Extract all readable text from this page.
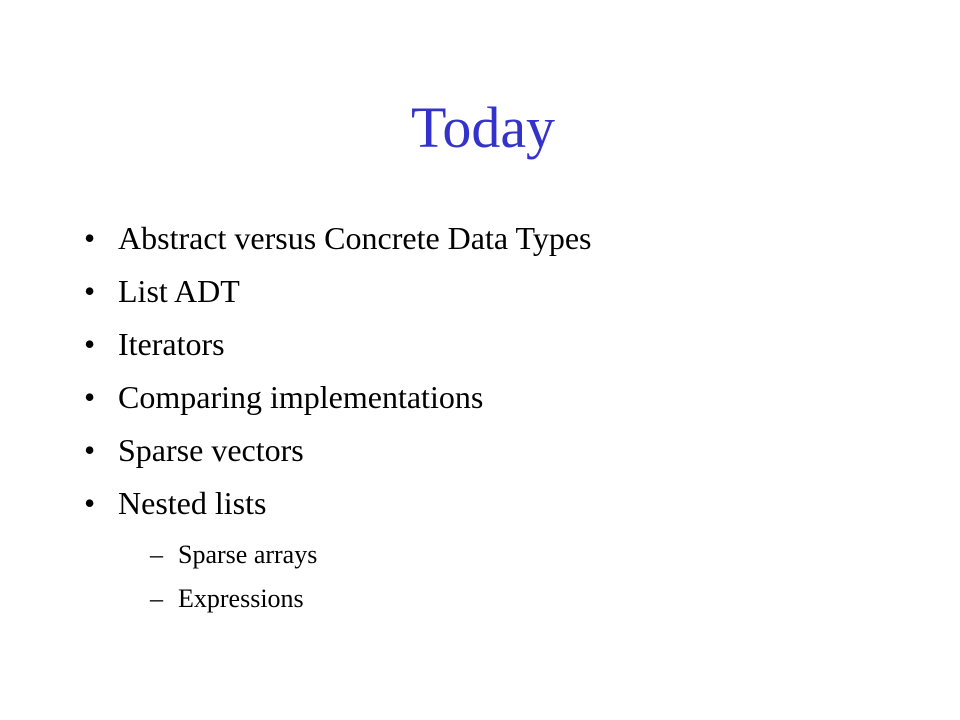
Today
• Abstract versus Concrete Data Types
• List ADT
• Iterators
• Comparing implementations
• Sparse vectors
• Nested lists
– Sparse arrays
– Expressions
